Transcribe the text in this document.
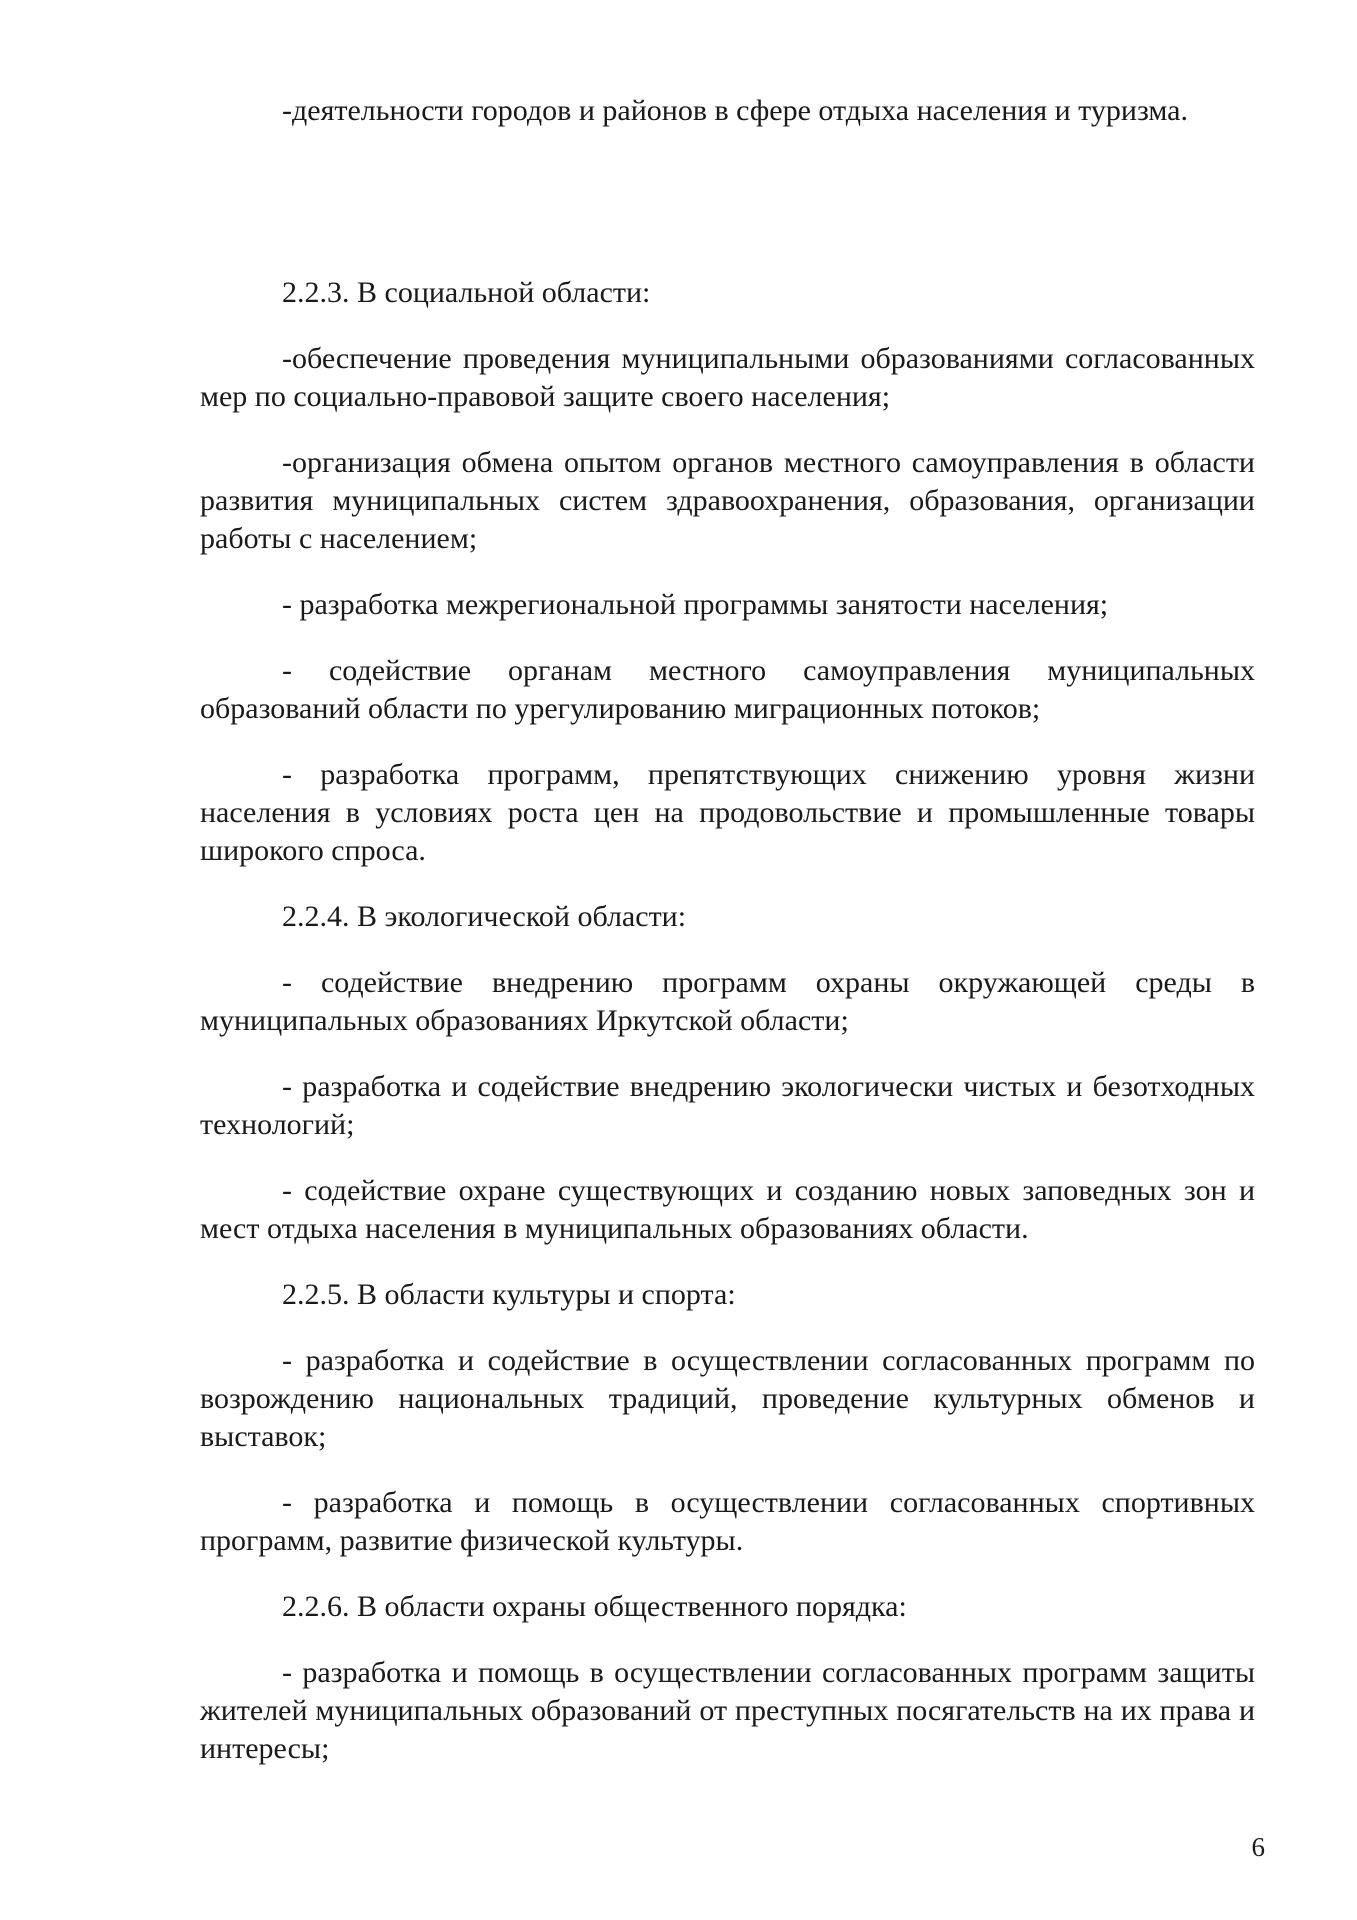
-деятельности городов и районов в сфере отдыха населения и туризма.

2.2.3. В социальной области:

-обеспечение проведения муниципальными образованиями согласованных мер по социально-правовой защите своего населения;

-организация обмена опытом органов местного самоуправления в области развития муниципальных систем здравоохранения, образования, организации работы с населением;

- разработка межрегиональной программы занятости населения;

- содействие органам местного самоуправления муниципальных образований области по урегулированию миграционных потоков;

- разработка программ, препятствующих снижению уровня жизни населения в условиях роста цен на продовольствие и промышленные товары широкого спроса.

2.2.4. В экологической области:

- содействие внедрению программ охраны окружающей среды в муниципальных образованиях Иркутской области;

- разработка и содействие внедрению экологически чистых и безотходных технологий;

- содействие охране существующих и созданию новых заповедных зон и мест отдыха населения в муниципальных образованиях области.

2.2.5. В области культуры и спорта:

- разработка и содействие в осуществлении согласованных программ по возрождению национальных традиций, проведение культурных обменов и выставок;

- разработка и помощь в осуществлении согласованных спортивных программ, развитие физической культуры.

2.2.6. В области охраны общественного порядка:

- разработка и помощь в осуществлении согласованных программ защиты жителей муниципальных образований от преступных посягательств на их права и интересы;

6
